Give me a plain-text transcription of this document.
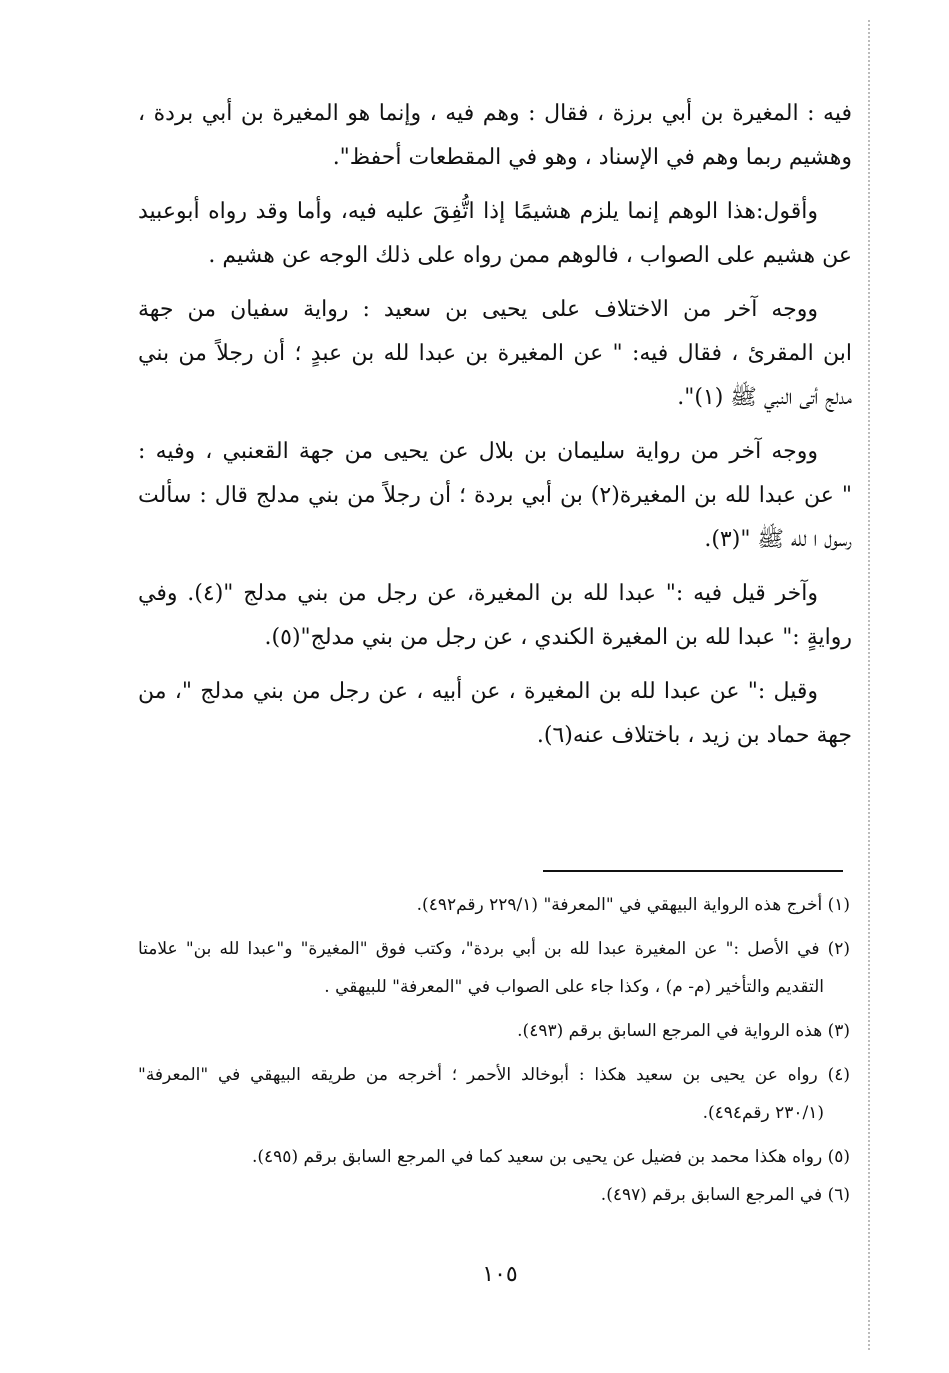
فيه : المغيرة بن أبي برزة ، فقال : وهم فيه ، وإنما هو المغيرة بن أبي بردة ،
وهشيم ربما وهم في الإسناد ، وهو في المقطعات أحفظ".
وأقول:هذا الوهم إنما يلزم هشيمًا إذا اتُّفِقَ عليه فيه، وأما وقد رواه أبوعبيد
عن هشيم على الصواب ، فالوهم ممن رواه على ذلك الوجه عن هشيم .
ووجه آخر من الاختلاف على يحيى بن سعيد : رواية سفيان من جهة
ابن المقرئ ، فقال فيه: " عن المغيرة بن عبدا لله بن عبدٍ ؛ أن رجلاً من بني
مدلج أتى النبي ﷺ (١)".
ووجه آخر من رواية سليمان بن بلال عن يحيى من جهة القعنبي ، وفيه :
" عن عبدا لله بن المغيرة(٢) بن أبي بردة ؛ أن رجلاً من بني مدلج قال : سألت
رسول ا لله ﷺ "(٣).
وآخر قيل فيه :" عبدا لله بن المغيرة، عن رجل من بني مدلج "(٤). وفي
روايةٍ :" عبدا لله بن المغيرة الكندي ، عن رجل من بني مدلج"(٥).
وقيل :" عن عبدا لله بن المغيرة ، عن أبيه ، عن رجل من بني مدلج "، من
جهة حماد بن زيد ، باختلاف عنه(٦).
(١) أخرج هذه الرواية البيهقي في "المعرفة" (٢٢٩/١ رقم٤٩٢).
(٢) في الأصل :" عن المغيرة عبدا لله بن أبي بردة"، وكتب فوق "المغيرة" و"عبدا لله بن" علامتا
التقديم والتأخير (م- م) ، وكذا جاء على الصواب في "المعرفة" للبيهقي .
(٣) هذه الرواية في المرجع السابق برقم (٤٩٣).
(٤) رواه عن يحيى بن سعيد هكذا : أبوخالد الأحمر ؛ أخرجه من طريقه البيهقي في "المعرفة"
(٢٣٠/١ رقم٤٩٤).
(٥) رواه هكذا محمد بن فضيل عن يحيى بن سعيد كما في المرجع السابق برقم (٤٩٥).
(٦) في المرجع السابق برقم (٤٩٧).
١٠٥
